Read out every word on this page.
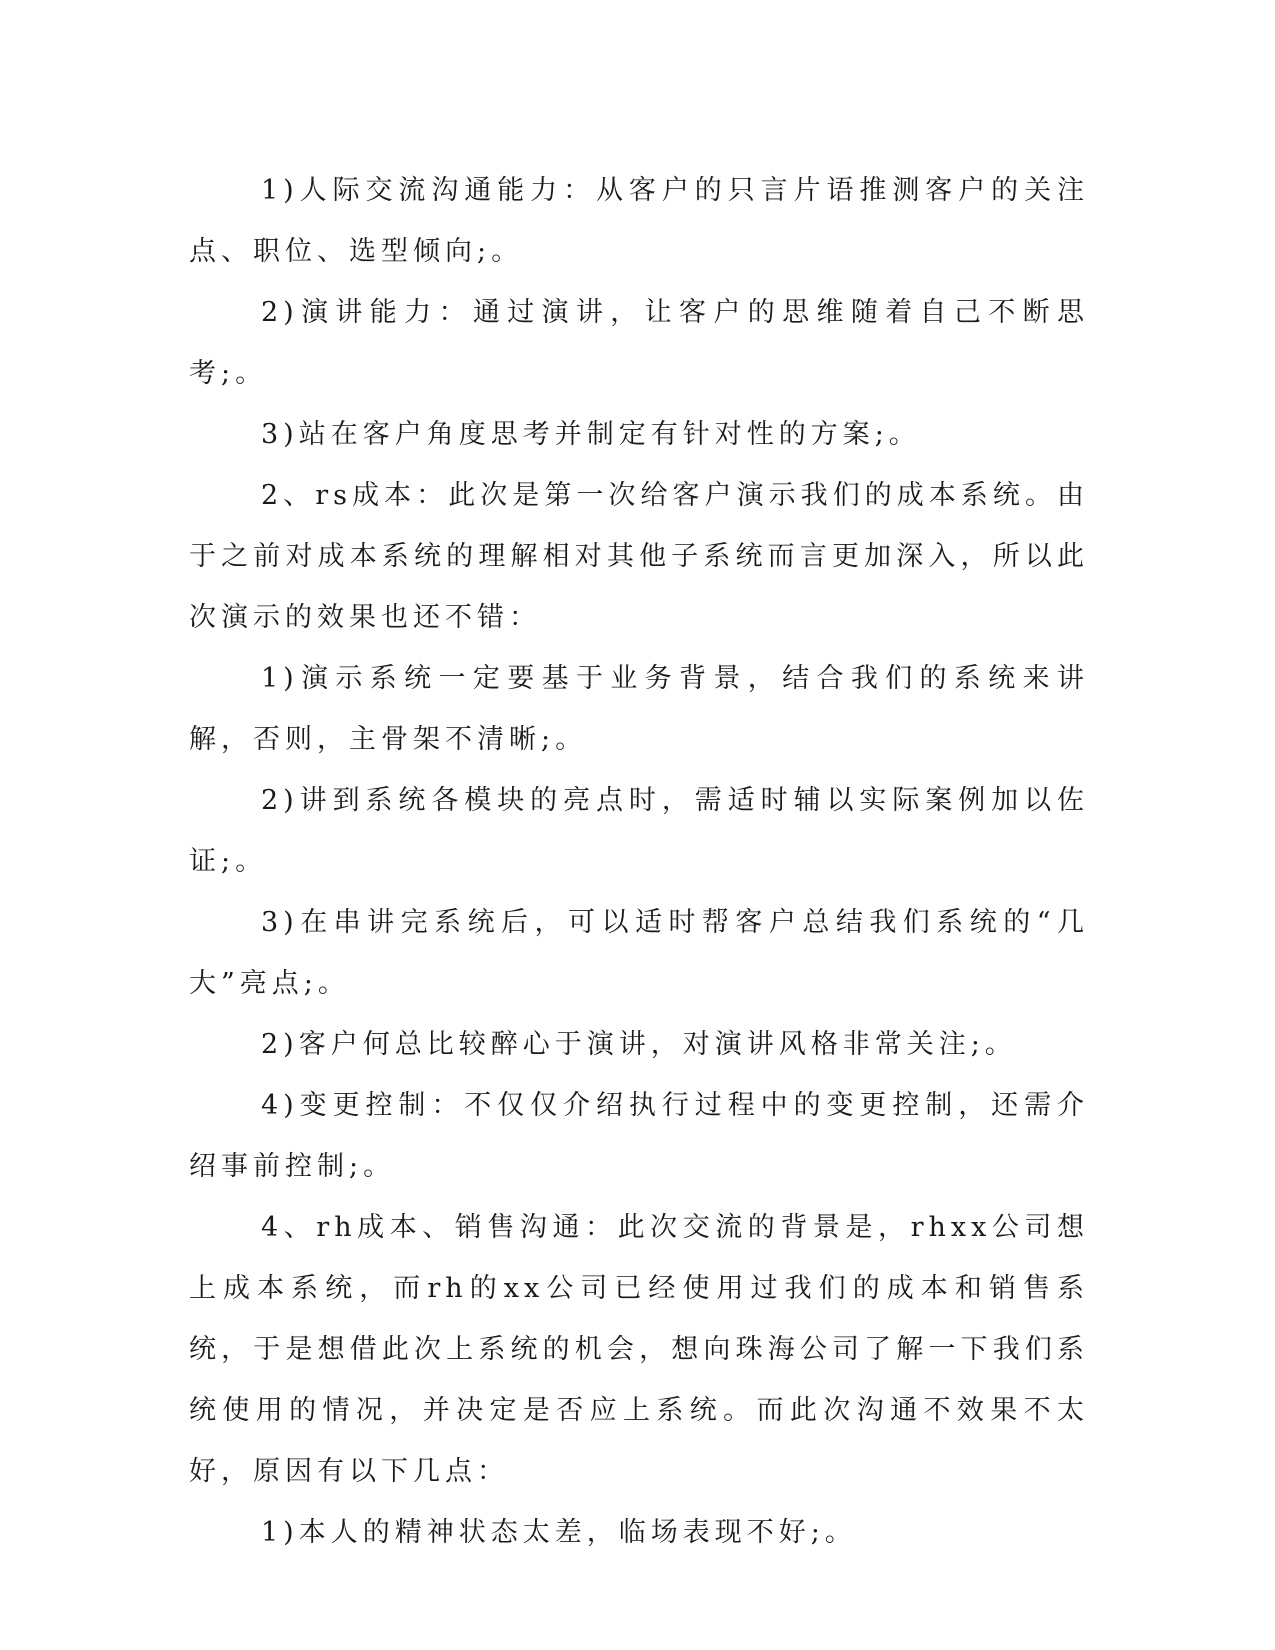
1)人际交流沟通能力：从客户的只言片语推测客户的关注点、职位、选型倾向;。

2)演讲能力：通过演讲，让客户的思维随着自己不断思考;。

3)站在客户角度思考并制定有针对性的方案;。

2、rs成本：此次是第一次给客户演示我们的成本系统。由于之前对成本系统的理解相对其他子系统而言更加深入，所以此次演示的效果也还不错：

1)演示系统一定要基于业务背景，结合我们的系统来讲解，否则，主骨架不清晰;。

2)讲到系统各模块的亮点时，需适时辅以实际案例加以佐证;。

3)在串讲完系统后，可以适时帮客户总结我们系统的“几大”亮点;。

2)客户何总比较醉心于演讲，对演讲风格非常关注;。

4)变更控制：不仅仅介绍执行过程中的变更控制，还需介绍事前控制;。

4、rh成本、销售沟通：此次交流的背景是，rhxx公司想上成本系统，而rh的xx公司已经使用过我们的成本和销售系统，于是想借此次上系统的机会，想向珠海公司了解一下我们系统使用的情况，并决定是否应上系统。而此次沟通不效果不太好，原因有以下几点：

1)本人的精神状态太差，临场表现不好;。
